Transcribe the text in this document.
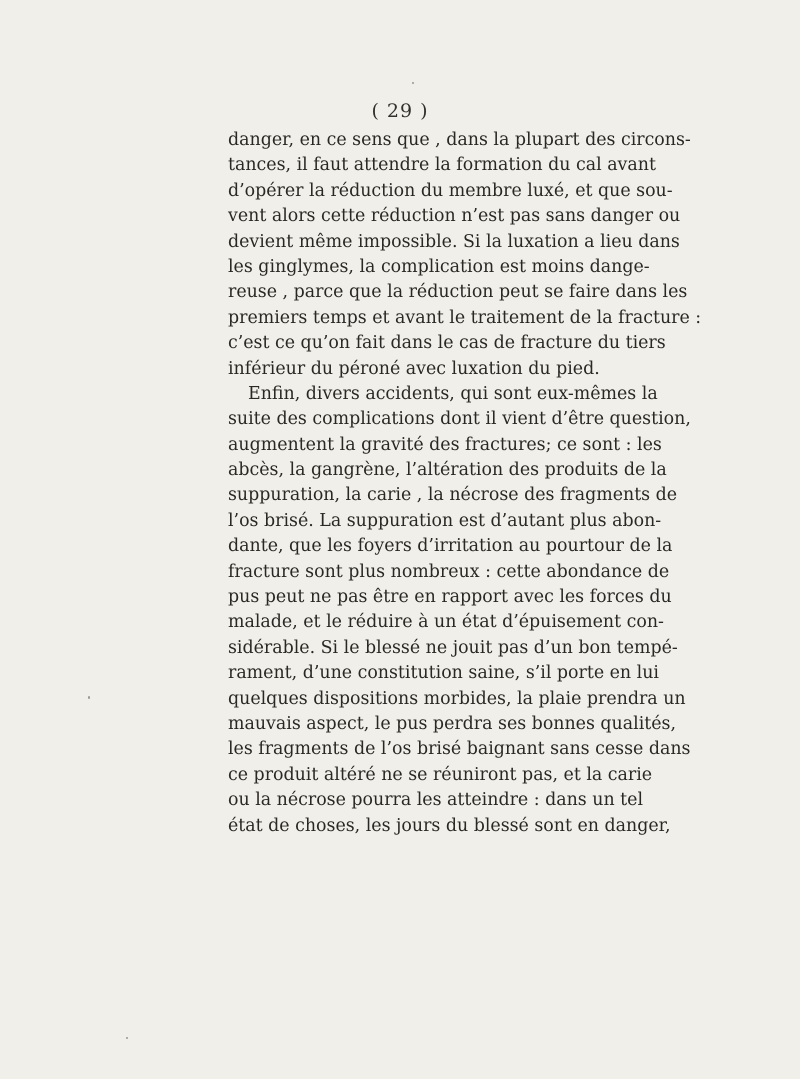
( 29 )
danger, en ce sens que , dans la plupart des circons-
tances, il faut attendre la formation du cal avant
d’opérer la réduction du membre luxé, et que sou-
vent alors cette réduction n’est pas sans danger ou
devient même impossible. Si la luxation a lieu dans
les ginglymes, la complication est moins dange-
reuse , parce que la réduction peut se faire dans les
premiers temps et avant le traitement de la fracture :
c’est ce qu’on fait dans le cas de fracture du tiers
inférieur du péroné avec luxation du pied.
Enfin, divers accidents, qui sont eux-mêmes la
suite des complications dont il vient d’être question,
augmentent la gravité des fractures; ce sont : les
abcès, la gangrène, l’altération des produits de la
suppuration, la carie , la nécrose des fragments de
l’os brisé. La suppuration est d’autant plus abon-
dante, que les foyers d’irritation au pourtour de la
fracture sont plus nombreux : cette abondance de
pus peut ne pas être en rapport avec les forces du
malade, et le réduire à un état d’épuisement con-
sidérable. Si le blessé ne jouit pas d’un bon tempé-
rament, d’une constitution saine, s’il porte en lui
quelques dispositions morbides, la plaie prendra un
mauvais aspect, le pus perdra ses bonnes qualités,
les fragments de l’os brisé baignant sans cesse dans
ce produit altéré ne se réuniront pas, et la carie
ou la nécrose pourra les atteindre : dans un tel
état de choses, les jours du blessé sont en danger,
